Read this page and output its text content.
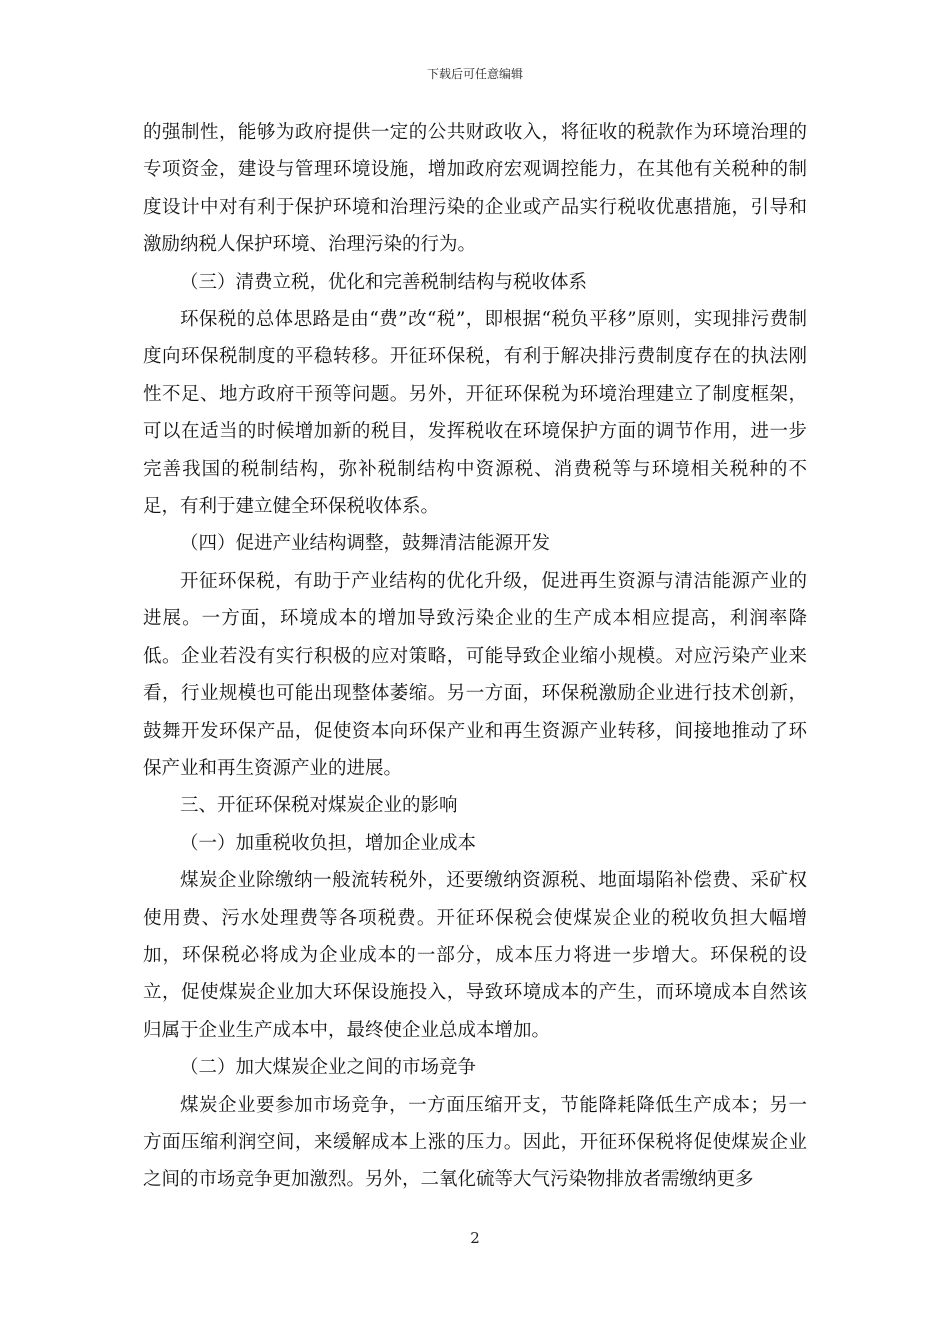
下载后可任意编辑

的强制性，能够为政府提供一定的公共财政收入，将征收的税款作为环境治理的专项资金，建设与管理环境设施，增加政府宏观调控能力，在其他有关税种的制度设计中对有利于保护环境和治理污染的企业或产品实行税收优惠措施，引导和激励纳税人保护环境、治理污染的行为。

（三）清费立税，优化和完善税制结构与税收体系

环保税的总体思路是由“费”改“税”，即根据“税负平移”原则，实现排污费制度向环保税制度的平稳转移。开征环保税，有利于解决排污费制度存在的执法刚性不足、地方政府干预等问题。另外，开征环保税为环境治理建立了制度框架，可以在适当的时候增加新的税目，发挥税收在环境保护方面的调节作用，进一步完善我国的税制结构，弥补税制结构中资源税、消费税等与环境相关税种的不足，有利于建立健全环保税收体系。

（四）促进产业结构调整，鼓舞清洁能源开发

开征环保税，有助于产业结构的优化升级，促进再生资源与清洁能源产业的进展。一方面，环境成本的增加导致污染企业的生产成本相应提高，利润率降低。企业若没有实行积极的应对策略，可能导致企业缩小规模。对应污染产业来看，行业规模也可能出现整体萎缩。另一方面，环保税激励企业进行技术创新，鼓舞开发环保产品，促使资本向环保产业和再生资源产业转移，间接地推动了环保产业和再生资源产业的进展。

三、开征环保税对煤炭企业的影响

（一）加重税收负担，增加企业成本

煤炭企业除缴纳一般流转税外，还要缴纳资源税、地面塌陷补偿费、采矿权使用费、污水处理费等各项税费。开征环保税会使煤炭企业的税收负担大幅增加，环保税必将成为企业成本的一部分，成本压力将进一步增大。环保税的设立，促使煤炭企业加大环保设施投入，导致环境成本的产生，而环境成本自然该归属于企业生产成本中，最终使企业总成本增加。

（二）加大煤炭企业之间的市场竞争

煤炭企业要参加市场竞争，一方面压缩开支，节能降耗降低生产成本；另一方面压缩利润空间，来缓解成本上涨的压力。因此，开征环保税将促使煤炭企业之间的市场竞争更加激烈。另外，二氧化硫等大气污染物排放者需缴纳更多

2
